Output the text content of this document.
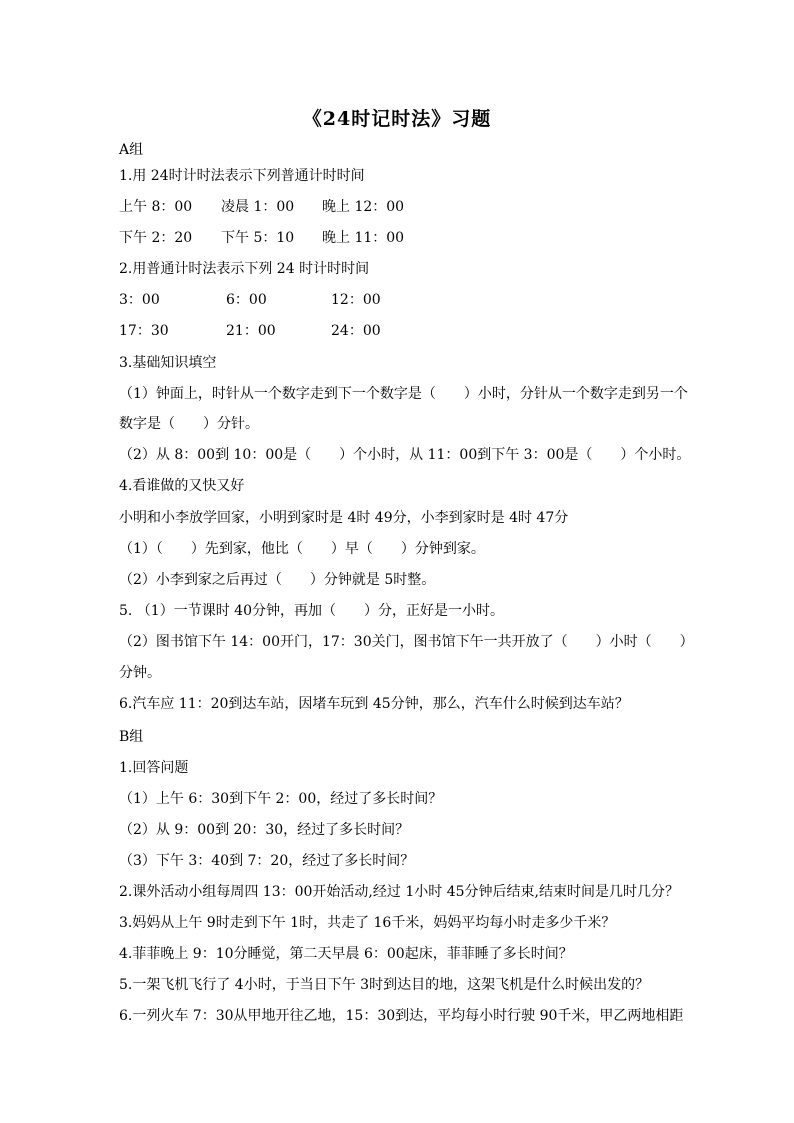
《24时记时法》习题
A组
1.用 24时计时法表示下列普通计时时间
上午 8：00 凌晨 1：00 晚上 12：00
下午 2：20 下午 5：10 晚上 11：00
2.用普通计时法表示下列 24 时计时时间
3：00	6：00	12：00
17：30	21：00	24：00
3.基础知识填空
（1）钟面上，时针从一个数字走到下一个数字是（　　）小时，分针从一个数字走到另一个
数字是（　　）分针。
（2）从 8：00到 10：00是（　　）个小时，从 11：00到下午 3：00是（　　）个小时。
4.看谁做的又快又好
小明和小李放学回家，小明到家时是 4时 49分，小李到家时是 4时 47分
（1）（　　）先到家，他比（　　）早（　　）分钟到家。
（2）小李到家之后再过（　　）分钟就是 5时整。
5. （1）一节课时 40分钟，再加（　　）分，正好是一小时。
（2）图书馆下午 14：00开门，17：30关门，图书馆下午一共开放了（　　）小时（　　）
分钟。
6.汽车应 11：20到达车站，因堵车玩到 45分钟，那么，汽车什么时候到达车站？
B组
1.回答问题
（1）上午 6：30到下午 2：00，经过了多长时间？
（2）从 9：00到 20：30，经过了多长时间？
（3）下午 3：40到 7：20，经过了多长时间？
2.课外活动小组每周四 13：00开始活动,经过 1小时 45分钟后结束,结束时间是几时几分？
3.妈妈从上午 9时走到下午 1时，共走了 16千米，妈妈平均每小时走多少千米？
4.菲菲晚上 9：10分睡觉，第二天早晨 6：00起床，菲菲睡了多长时间？
5.一架飞机飞行了 4小时，于当日下午 3时到达目的地，这架飞机是什么时候出发的？
6.一列火车 7：30从甲地开往乙地，15：30到达，平均每小时行驶 90千米，甲乙两地相距
